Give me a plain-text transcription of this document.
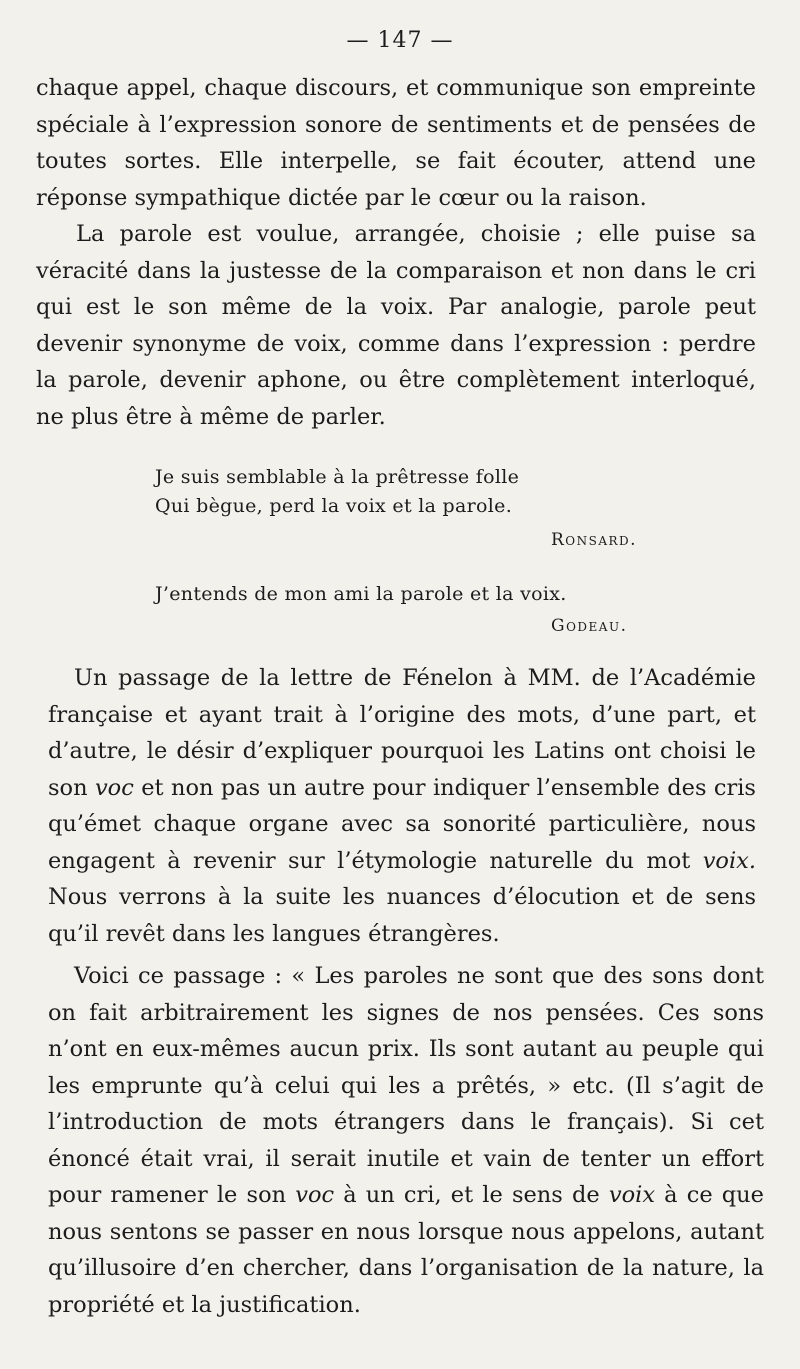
— 147 —

chaque appel, chaque discours, et communique son empreinte spéciale à l’expression sonore de sentiments et de pensées de toutes sortes. Elle interpelle, se fait écouter, attend une réponse sympathique dictée par le cœur ou la raison.

La parole est voulue, arrangée, choisie ; elle puise sa véracité dans la justesse de la comparaison et non dans le cri qui est le son même de la voix. Par analogie, parole peut devenir synonyme de voix, comme dans l’expression : perdre la parole, devenir aphone, ou être complètement interloqué, ne plus être à même de parler.

Je suis semblable à la prêtresse folle

Qui bègue, perd la voix et la parole.

Ronsard.

J’entends de mon ami la parole et la voix.

Godeau.

Un passage de la lettre de Fénelon à MM. de l’Académie française et ayant trait à l’origine des mots, d’une part, et d’autre, le désir d’expliquer pourquoi les Latins ont choisi le son voc et non pas un autre pour indiquer l’ensemble des cris qu’émet chaque organe avec sa sonorité particulière, nous engagent à revenir sur l’étymologie naturelle du mot voix. Nous verrons à la suite les nuances d’élocution et de sens qu’il revêt dans les langues étrangères.

Voici ce passage : « Les paroles ne sont que des sons dont on fait arbitrairement les signes de nos pensées. Ces sons n’ont en eux-mêmes aucun prix. Ils sont autant au peuple qui les emprunte qu’à celui qui les a prêtés, » etc. (Il s’agit de l’introduction de mots étrangers dans le français). Si cet énoncé était vrai, il serait inutile et vain de tenter un effort pour ramener le son voc à un cri, et le sens de voix à ce que nous sentons se passer en nous lorsque nous appelons, autant qu’illusoire d’en chercher, dans l’organisation de la nature, la propriété et la justification.
